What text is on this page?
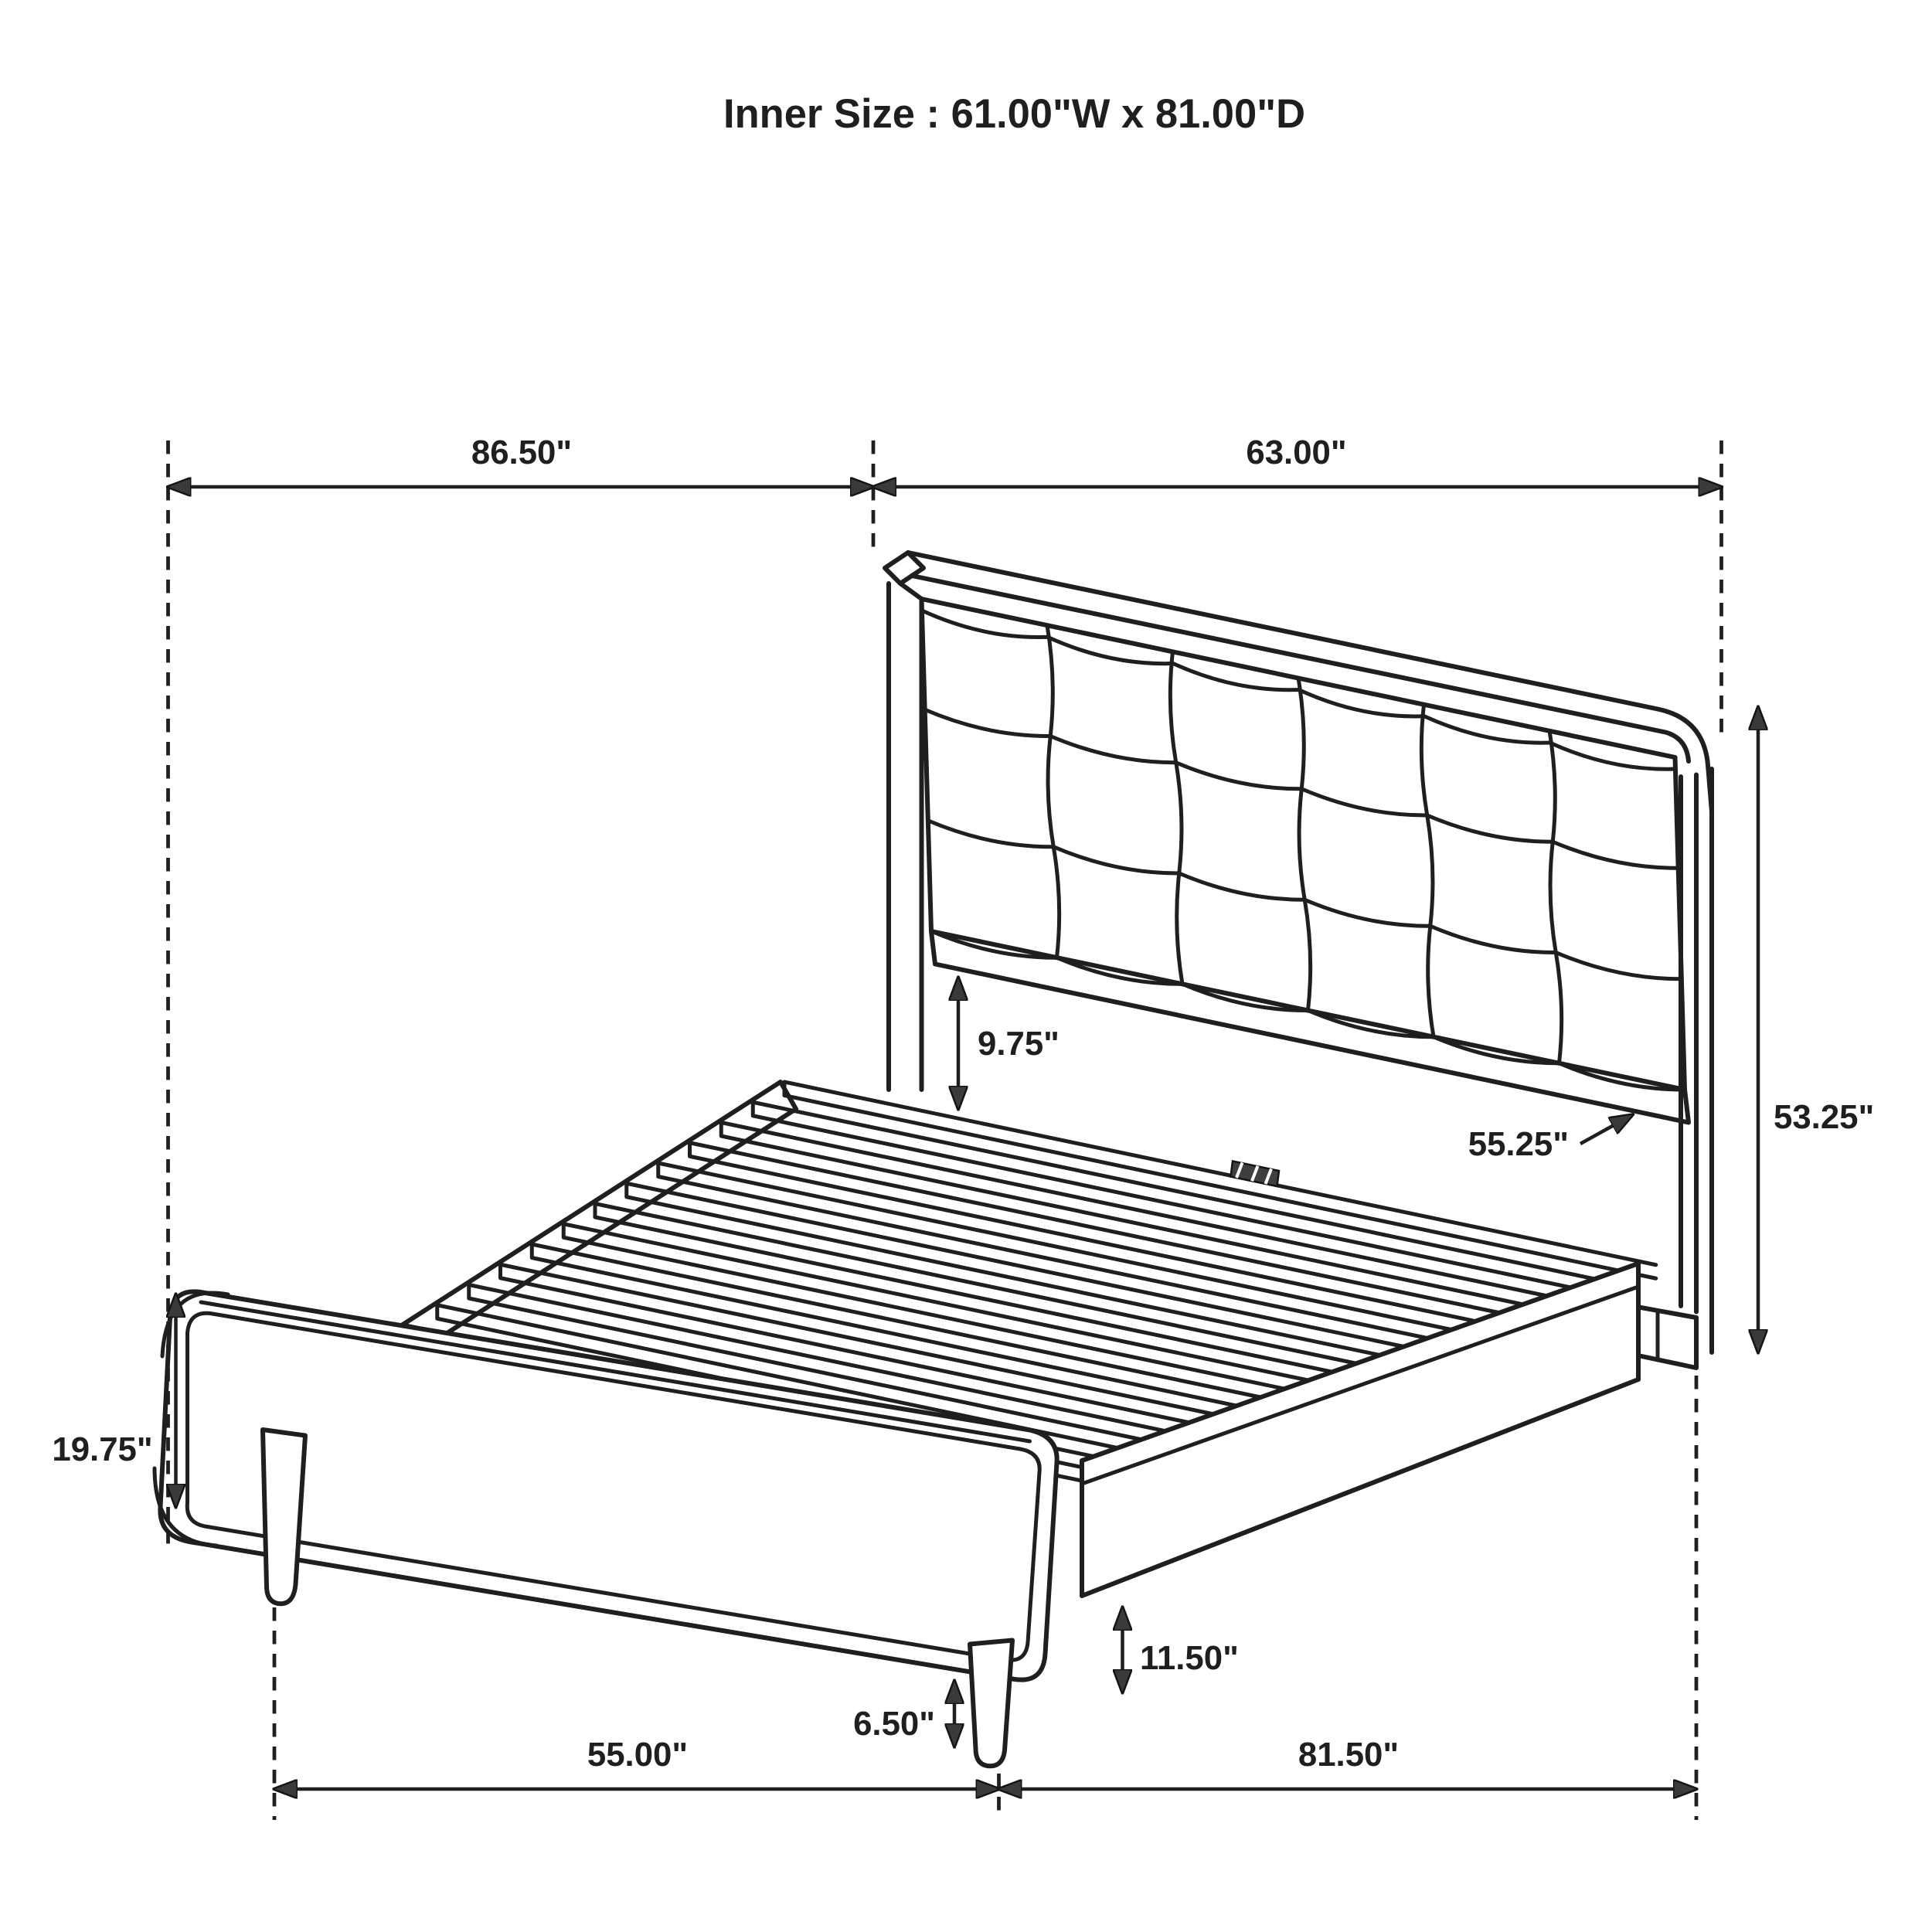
Inner Size : 61.00"W x 81.00"D
86.50"	63.00"
53.25"
9.75"
55.25"
19.75"
11.50"
6.50"
55.00"	81.50"
